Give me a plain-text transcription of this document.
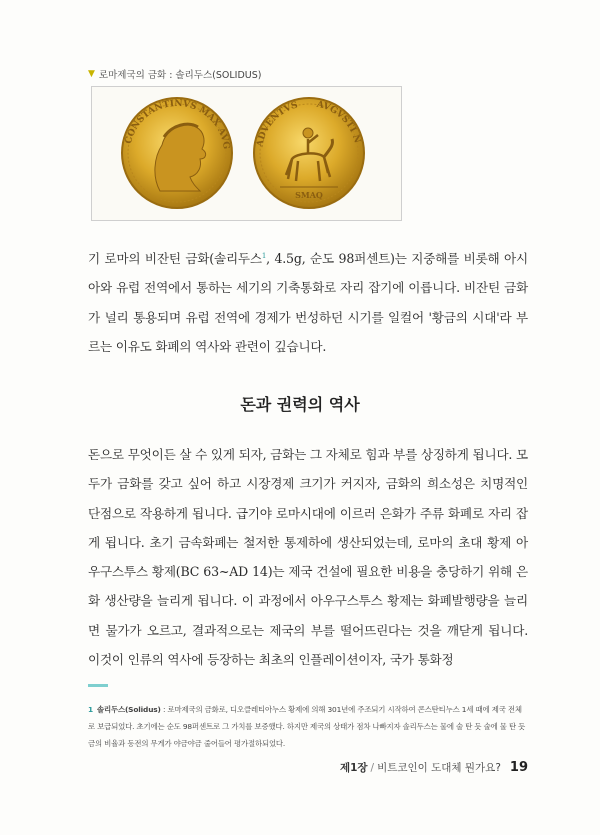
▼ 로마제국의 금화 : 솔리두스(SOLIDUS)
CONSTANTINVS MAX AVG	ADVENTVS AVGVSTI N
SMAQ

기 로마의 비잔틴 금화(솔리두스$^1$, 4.5g, 순도 98퍼센트)는 지중해를 비롯해 아시아와 유럽 전역에서 통하는 세기의 기축통화로 자리 잡기에 이릅니다. 비잔틴 금화가 널리 통용되며 유럽 전역에 경제가 번성하던 시기를 일컬어 '황금의 시대'라 부르는 이유도 화폐의 역사와 관련이 깊습니다.

돈과 권력의 역사

돈으로 무엇이든 살 수 있게 되자, 금화는 그 자체로 힘과 부를 상징하게 됩니다. 모두가 금화를 갖고 싶어 하고 시장경제 크기가 커지자, 금화의 희소성은 치명적인 단점으로 작용하게 됩니다. 급기야 로마시대에 이르러 은화가 주류 화폐로 자리 잡게 됩니다. 초기 금속화폐는 철저한 통제하에 생산되었는데, 로마의 초대 황제 아우구스투스 황제(BC 63~AD 14)는 제국 건설에 필요한 비용을 충당하기 위해 은화 생산량을 늘리게 됩니다. 이 과정에서 아우구스투스 황제는 화폐발행량을 늘리면 물가가 오르고, 결과적으로는 제국의 부를 떨어뜨린다는 것을 깨닫게 됩니다. 이것이 인류의 역사에 등장하는 최초의 인플레이션이자, 국가 통화정

1 솔리두스(Solidus) : 로마제국의 금화로, 디오클레티아누스 황제에 의해 301년에 주조되기 시작하여 콘스탄티누스 1세 때에 제국 전체로 보급되었다. 초기에는 순도 98퍼센트로 그 가치를 보증했다. 하지만 제국의 상태가 점차 나빠지자 솔리두스는 물에 술 탄 듯 술에 물 탄 듯 금의 비율과 동전의 무게가 야금야금 줄어들어 평가절하되었다.
제1장 / 비트코인이 도대체 뭔가요? 19
